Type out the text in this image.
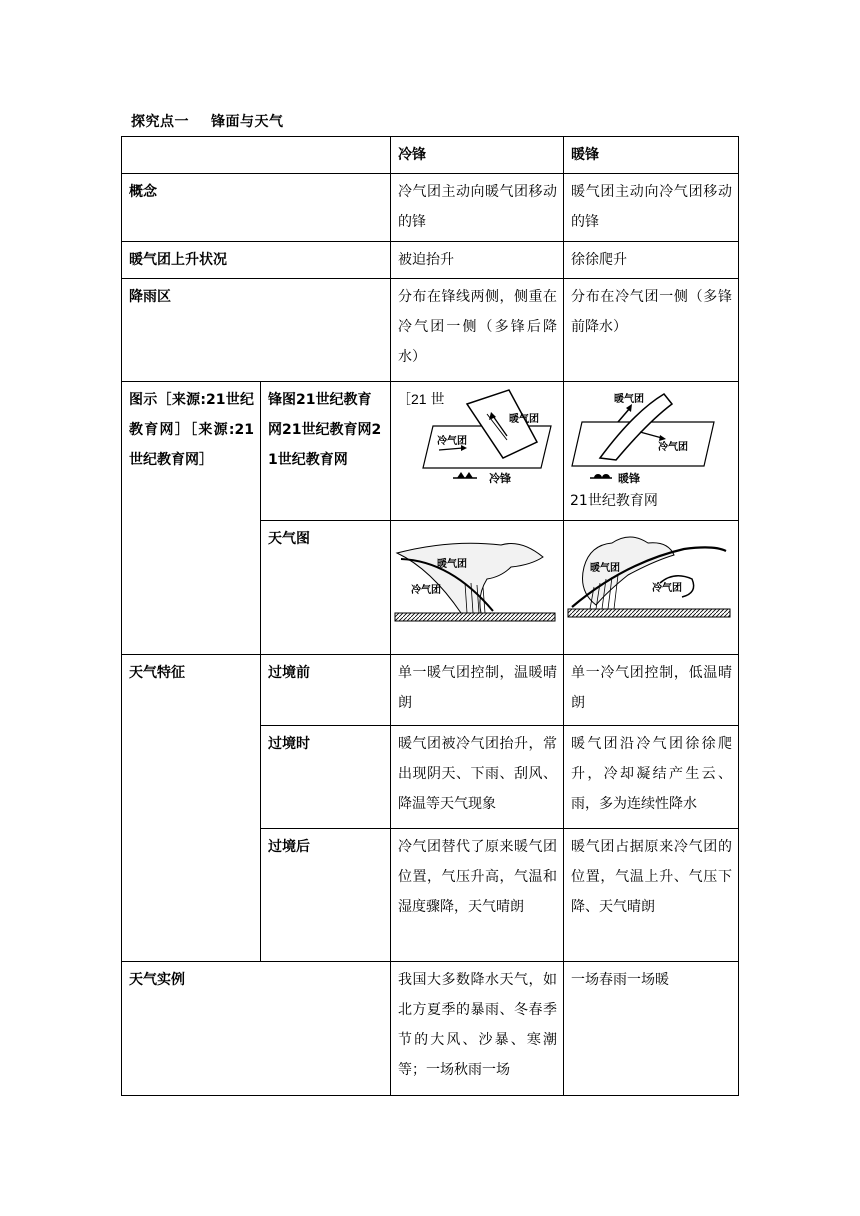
探究点一 锋面与天气
		冷锋	暖锋
概念		冷气团主动向暖气团移动的锋	暖气团主动向冷气团移动的锋
暖气团上升状况		被迫抬升	徐徐爬升
降雨区		分布在锋线两侧，侧重在冷气团一侧（多锋后降水）	分布在冷气团一侧（多锋前降水）
图示［来源:21世纪教育网］［来源:21世纪教育网］	锋图21世纪教育网21世纪教育网21世纪教育网	［21 世
暖气团
冷气团
冷锋	暖气团
冷气团
暖锋
21世纪教育网

	天气图	暖气团
冷气团	暖气团
冷气团

天气特征	过境前	单一暖气团控制，温暖晴朗	单一冷气团控制，低温晴朗
	过境时	暖气团被冷气团抬升，常出现阴天、下雨、刮风、降温等天气现象	暖气团沿冷气团徐徐爬升，冷却凝结产生云、雨，多为连续性降水
	过境后	冷气团替代了原来暖气团位置，气压升高，气温和湿度骤降，天气晴朗	暖气团占据原来冷气团的位置，气温上升、气压下降、天气晴朗
天气实例		我国大多数降水天气，如北方夏季的暴雨、冬春季节的大风、沙暴、寒潮等；一场秋雨一场	一场春雨一场暖
